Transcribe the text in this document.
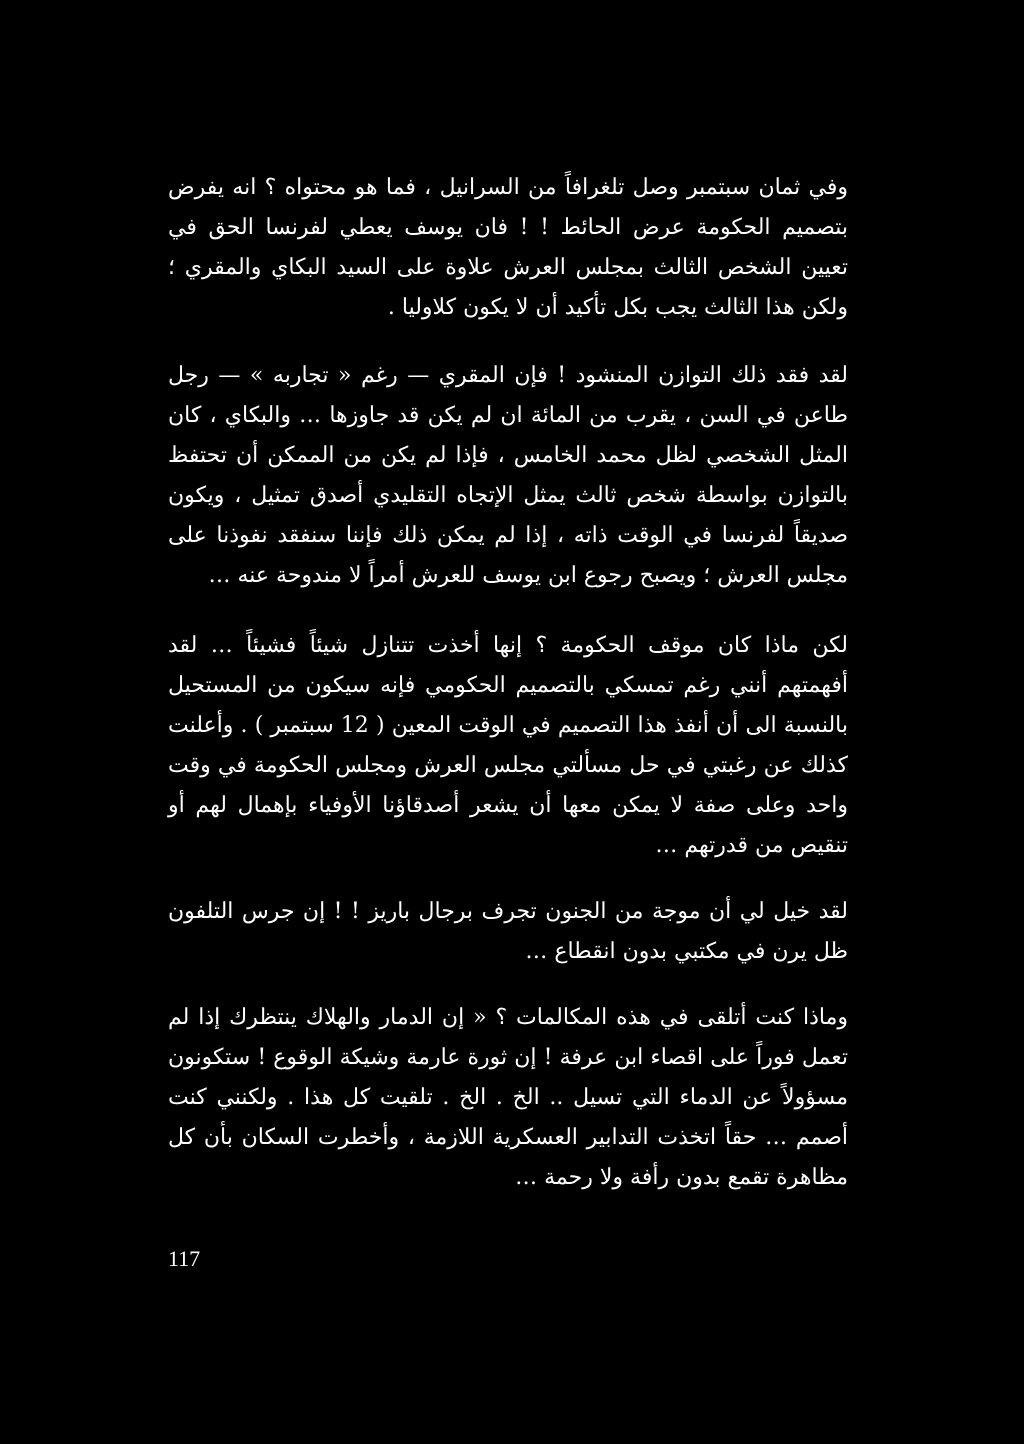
وفي ثمان سبتمبر وصل تلغرافاً من السرانيل ، فما هو محتواه ؟ انه يفرض بتصميم الحكومة عرض الحائط ! ! فان يوسف يعطي لفرنسا الحق في تعيين الشخص الثالث بمجلس العرش علاوة على السيد البكاي والمقري ؛ ولكن هذا الثالث يجب بكل تأكيد أن لا يكون كلاوليا .

لقد فقد ذلك التوازن المنشود ! فإن المقري — رغم « تجاربه » — رجل طاعن في السن ، يقرب من المائة ان لم يكن قد جاوزها … والبكاي ، كان المثل الشخصي لظل محمد الخامس ، فإذا لم يكن من الممكن أن تحتفظ بالتوازن بواسطة شخص ثالث يمثل الإتجاه التقليدي أصدق تمثيل ، ويكون صديقاً لفرنسا في الوقت ذاته ، إذا لم يمكن ذلك فإننا سنفقد نفوذنا على مجلس العرش ؛ ويصبح رجوع ابن يوسف للعرش أمراً لا مندوحة عنه …

لكن ماذا كان موقف الحكومة ؟ إنها أخذت تتنازل شيئاً فشيئاً … لقد أفهمتهم أنني رغم تمسكي بالتصميم الحكومي فإنه سيكون من المستحيل بالنسبة الى أن أنفذ هذا التصميم في الوقت المعين ( 12 سبتمبر ) . وأعلنت كذلك عن رغبتي في حل مسألتي مجلس العرش ومجلس الحكومة في وقت واحد وعلى صفة لا يمكن معها أن يشعر أصدقاؤنا الأوفياء بإهمال لهم أو تنقيص من قدرتهم …

لقد خيل لي أن موجة من الجنون تجرف برجال باريز ! ! إن جرس التلفون ظل يرن في مكتبي بدون انقطاع …

وماذا كنت أتلقى في هذه المكالمات ؟ « إن الدمار والهلاك ينتظرك إذا لم تعمل فوراً على اقصاء ابن عرفة ! إن ثورة عارمة وشيكة الوقوع ! ستكونون مسؤولاً عن الدماء التي تسيل .. الخ . الخ . تلقيت كل هذا . ولكنني كنت أصمم … حقاً اتخذت التدابير العسكرية اللازمة ، وأخطرت السكان بأن كل مظاهرة تقمع بدون رأفة ولا رحمة …

117
